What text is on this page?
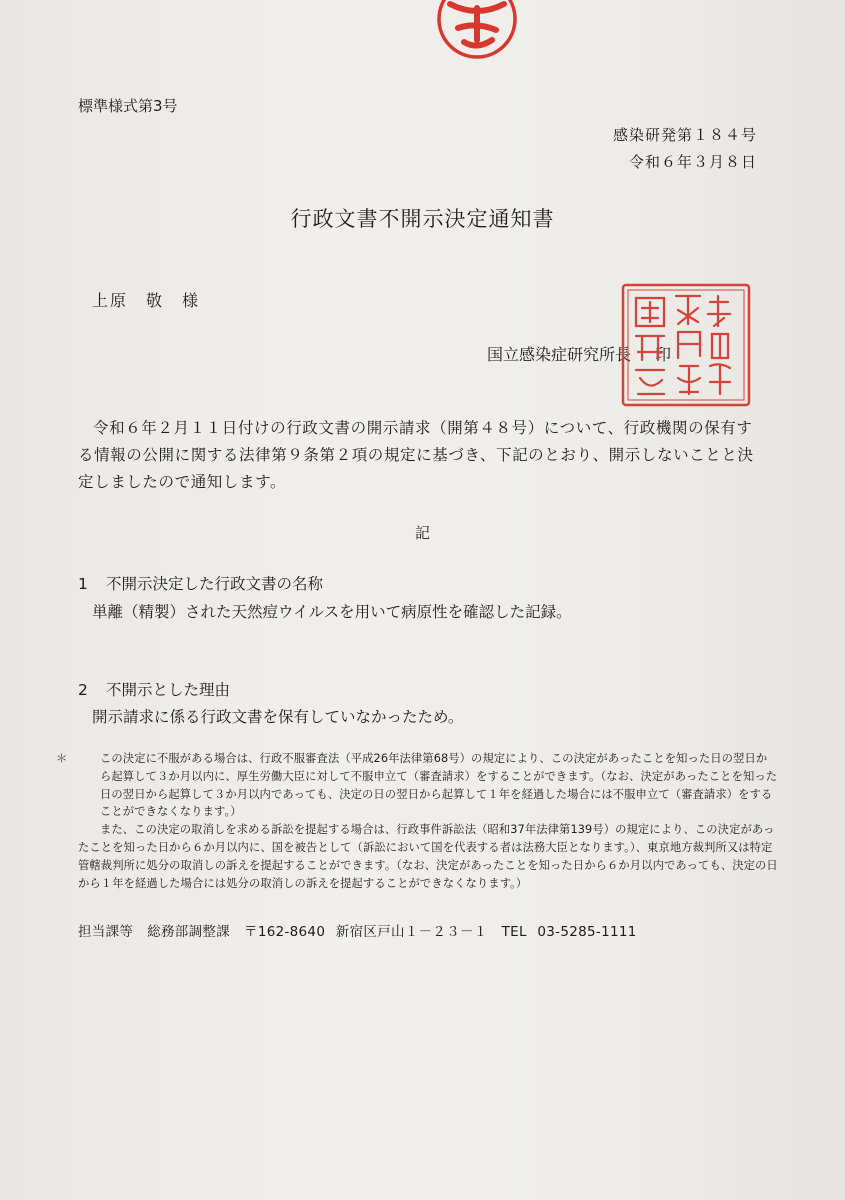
標準様式第3号

感染研発第１８４号

令和６年３月８日

行政文書不開示決定通知書

上原　敬　様

国立感染症研究所長 印

令和６年２月１１日付けの行政文書の開示請求（開第４８号）について、行政機関の保有する情報の公開に関する法律第９条第２項の規定に基づき、下記のとおり、開示しないことと決定しましたので通知します。

記

1 不開示決定した行政文書の名称

単離（精製）された天然痘ウイルスを用いて病原性を確認した記録。

2 不開示とした理由

開示請求に係る行政文書を保有していなかったため。

＊	この決定に不服がある場合は、行政不服審査法（平成26年法律第68号）の規定により、この決定があったことを知った日の翌日から起算して３か月以内に、厚生労働大臣に対して不服申立て（審査請求）をすることができます。（なお、決定があったことを知った日の翌日から起算して３か月以内であっても、決定の日の翌日から起算して１年を経過した場合には不服申立て（審査請求）をすることができなくなります。）

また、この決定の取消しを求める訴訟を提起する場合は、行政事件訴訟法（昭和37年法律第139号）の規定により、この決定があったことを知った日から６か月以内に、国を被告として（訴訟において国を代表する者は法務大臣となります。）、東京地方裁判所又は特定管轄裁判所に処分の取消しの訴えを提起することができます。（なお、決定があったことを知った日から６か月以内であっても、決定の日から１年を経過した場合には処分の取消しの訴えを提起することができなくなります。）

担当課等 総務部調整課 〒162-8640 新宿区戸山１－２３－１ TEL 03-5285-1111
